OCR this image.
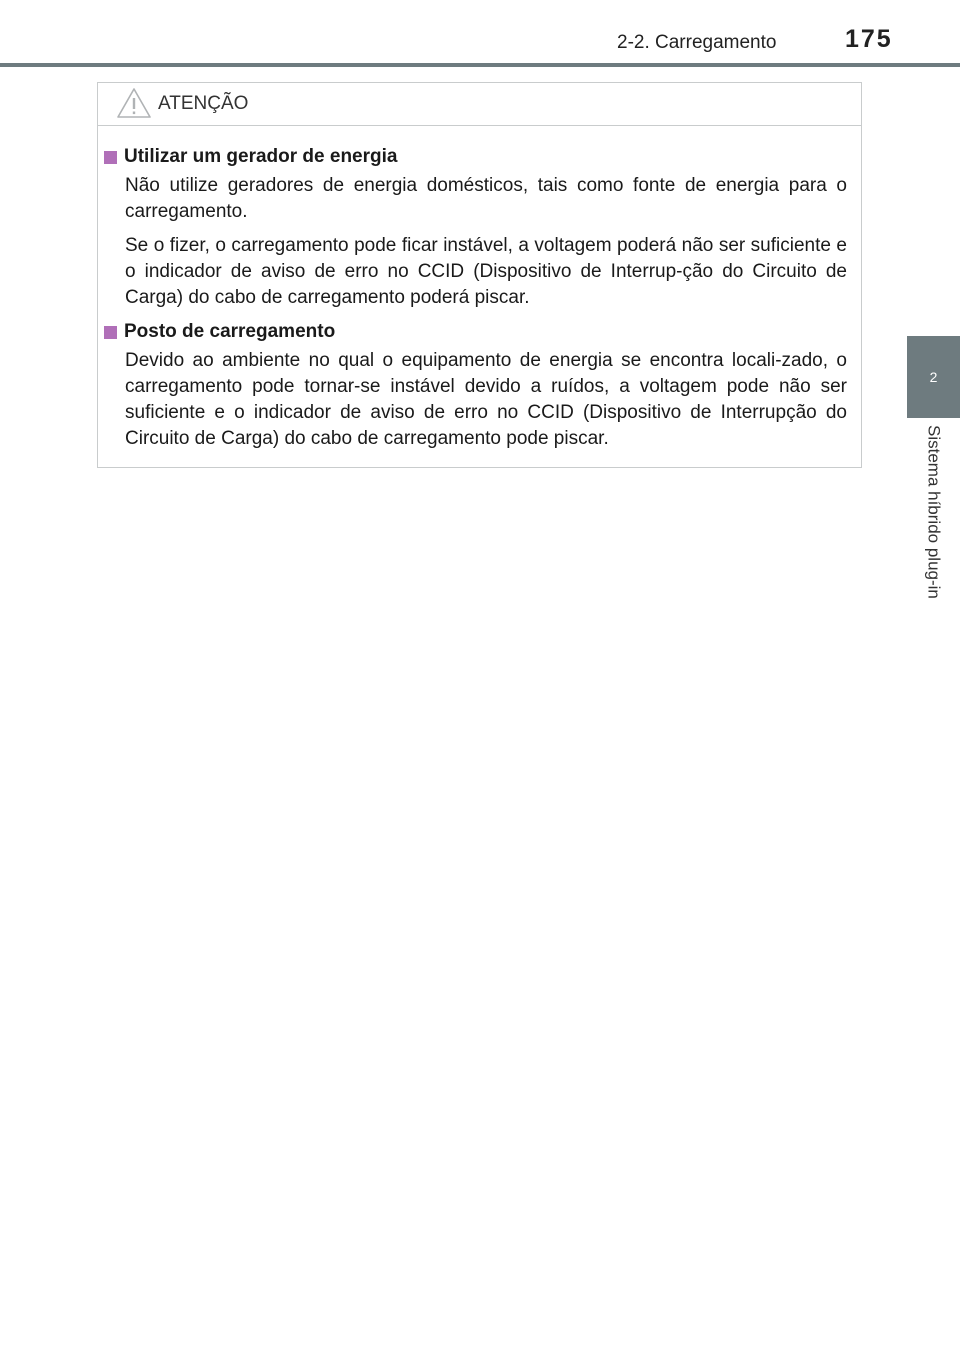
2-2. Carregamento	175
2
Sistema híbrido plug-in
ATENÇÃO
Utilizar um gerador de energia

Não utilize geradores de energia domésticos, tais como fonte de energia para o carregamento.

Se o fizer, o carregamento pode ficar instável, a voltagem poderá não ser suficiente e o indicador de aviso de erro no CCID (Dispositivo de Interrup-ção do Circuito de Carga) do cabo de carregamento poderá piscar.

Posto de carregamento

Devido ao ambiente no qual o equipamento de energia se encontra locali-zado, o carregamento pode tornar-se instável devido a ruídos, a voltagem pode não ser suficiente e o indicador de aviso de erro no CCID (Dispositivo de Interrupção do Circuito de Carga) do cabo de carregamento pode piscar.
